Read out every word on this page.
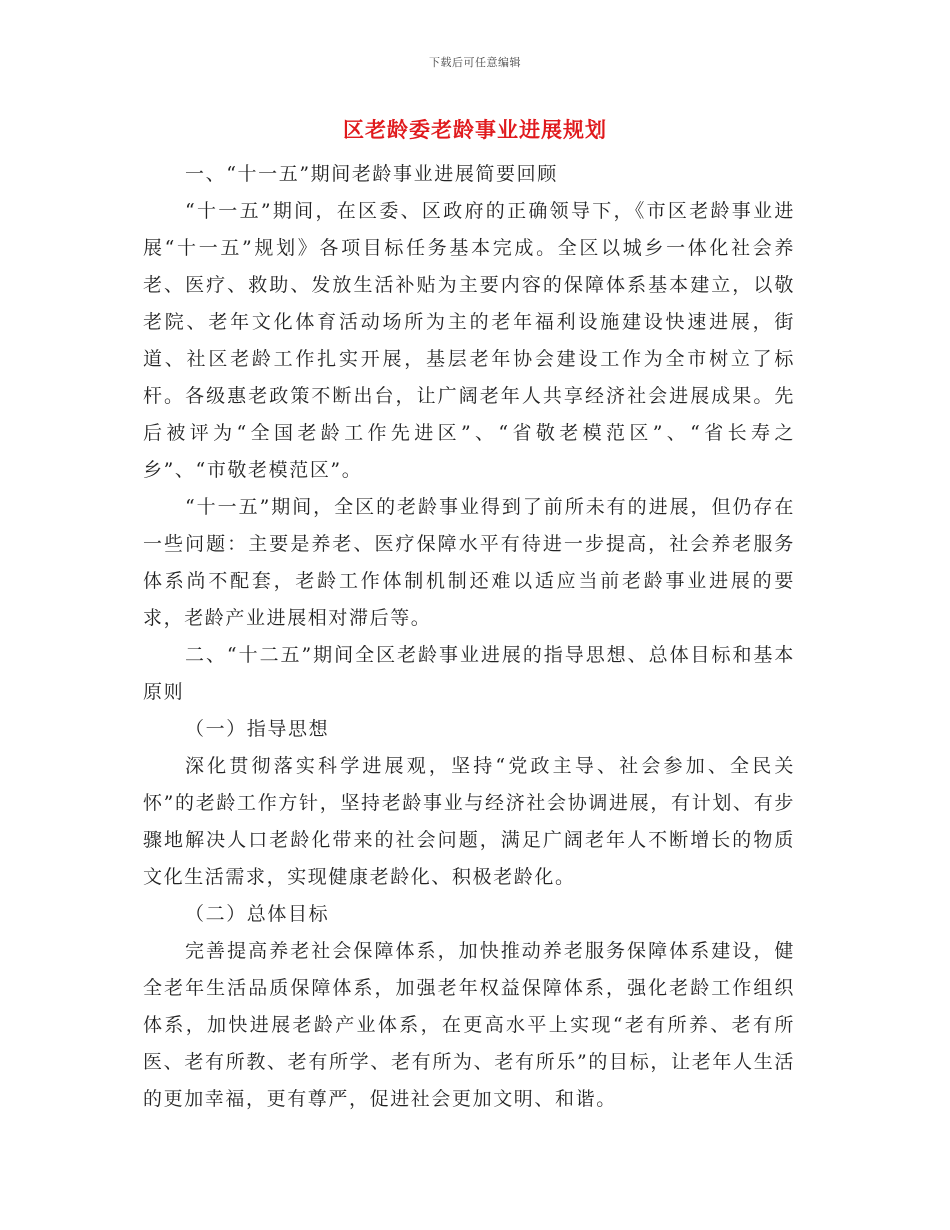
下载后可任意编辑
区老龄委老龄事业进展规划

一、“十一五”期间老龄事业进展简要回顾

“十一五”期间，在区委、区政府的正确领导下，《市区老龄事业进展“十一五”规划》各项目标任务基本完成。全区以城乡一体化社会养老、医疗、救助、发放生活补贴为主要内容的保障体系基本建立，以敬老院、老年文化体育活动场所为主的老年福利设施建设快速进展，街道、社区老龄工作扎实开展，基层老年协会建设工作为全市树立了标杆。各级惠老政策不断出台，让广阔老年人共享经济社会进展成果。先后被评为“全国老龄工作先进区”、“省敬老模范区”、“省长寿之乡”、“市敬老模范区”。

“十一五”期间，全区的老龄事业得到了前所未有的进展，但仍存在一些问题：主要是养老、医疗保障水平有待进一步提高，社会养老服务体系尚不配套，老龄工作体制机制还难以适应当前老龄事业进展的要求，老龄产业进展相对滞后等。

二、“十二五”期间全区老龄事业进展的指导思想、总体目标和基本原则

（一）指导思想

深化贯彻落实科学进展观，坚持“党政主导、社会参加、全民关怀”的老龄工作方针，坚持老龄事业与经济社会协调进展，有计划、有步骤地解决人口老龄化带来的社会问题，满足广阔老年人不断增长的物质文化生活需求，实现健康老龄化、积极老龄化。

（二）总体目标

完善提高养老社会保障体系，加快推动养老服务保障体系建设，健全老年生活品质保障体系，加强老年权益保障体系，强化老龄工作组织体系，加快进展老龄产业体系，在更高水平上实现“老有所养、老有所医、老有所教、老有所学、老有所为、老有所乐”的目标，让老年人生活的更加幸福，更有尊严，促进社会更加文明、和谐。
